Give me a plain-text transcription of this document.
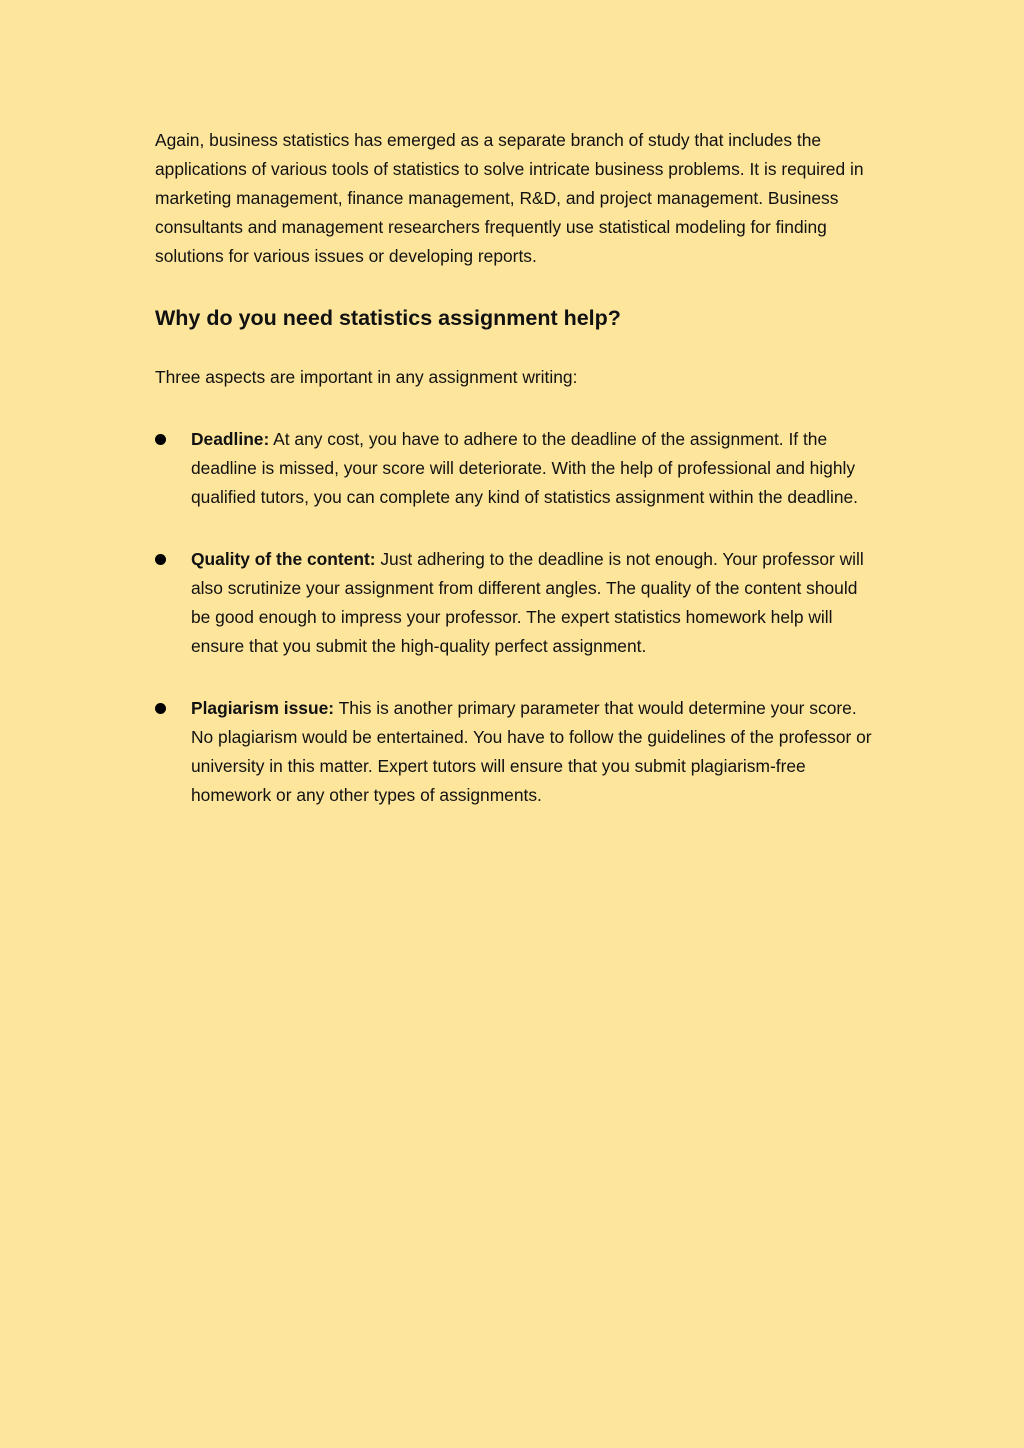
Again, business statistics has emerged as a separate branch of study that includes the applications of various tools of statistics to solve intricate business problems. It is required in marketing management, finance management, R&D, and project management. Business consultants and management researchers frequently use statistical modeling for finding solutions for various issues or developing reports.

Why do you need statistics assignment help?

Three aspects are important in any assignment writing:

Deadline: At any cost, you have to adhere to the deadline of the assignment. If the deadline is missed, your score will deteriorate. With the help of professional and highly qualified tutors, you can complete any kind of statistics assignment within the deadline.
Quality of the content: Just adhering to the deadline is not enough. Your professor will also scrutinize your assignment from different angles. The quality of the content should be good enough to impress your professor. The expert statistics homework help will ensure that you submit the high-quality perfect assignment.
Plagiarism issue: This is another primary parameter that would determine your score. No plagiarism would be entertained. You have to follow the guidelines of the professor or university in this matter. Expert tutors will ensure that you submit plagiarism-free homework or any other types of assignments.
